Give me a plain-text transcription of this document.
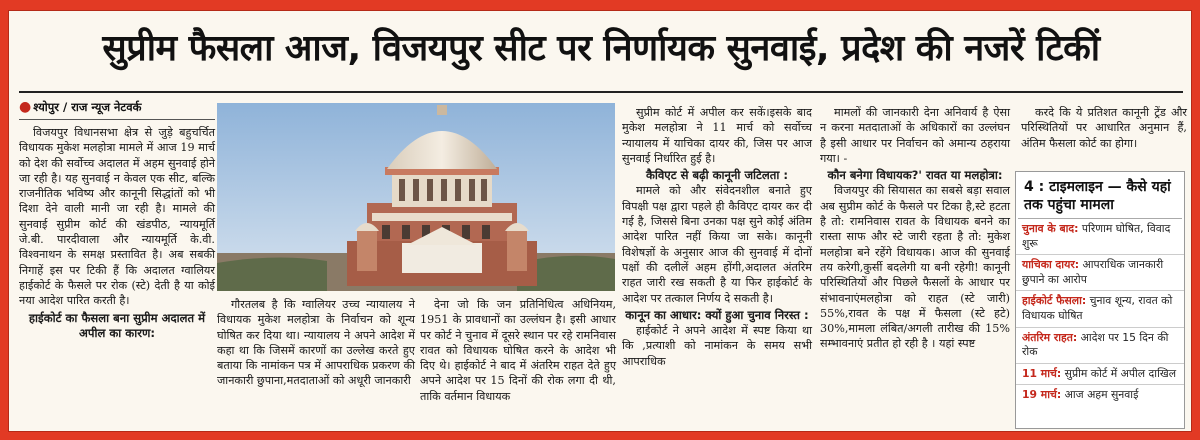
सुप्रीम फैसला आज, विजयपुर सीट पर निर्णायक सुनवाई, प्रदेश की नजरें टिकीं
● श्योपुर / राज न्यूज नेटवर्क

विजयपुर विधानसभा क्षेत्र से जुड़े बहुचर्चित विधायक मुकेश मलहोत्रा मामले में आज 19 मार्च को देश की सर्वोच्च अदालत में अहम सुनवाई होने जा रही है। यह सुनवाई न केवल एक सीट, बल्कि राजनीतिक भविष्य और कानूनी सिद्धांतों को भी दिशा देने वाली मानी जा रही है। मामले की सुनवाई सुप्रीम कोर्ट की खंडपीठ, न्यायमूर्ति जे.बी. पारदीवाला और न्यायमूर्ति के.वी. विश्वनाथन के समक्ष प्रस्तावित है। अब सबकी निगाहें इस पर टिकी हैं कि अदालत ग्वालियर हाईकोर्ट के फैसले पर रोक (स्टे) देती है या कोई नया आदेश पारित करती है।

हाईकोर्ट का फैसला बना सुप्रीम अदालत में अपील का कारण:

गौरतलब है कि ग्वालियर उच्च न्यायालय ने विधायक मुकेश मलहोत्रा के निर्वाचन को शून्य घोषित कर दिया था। न्यायालय ने अपने आदेश में कहा था कि जिसमें कारणों का उल्लेख करते हुए बताया कि नामांकन पत्र में आपराधिक प्रकरण की जानकारी छुपाना,मतदाताओं को अधूरी जानकारी

देना जो कि जन प्रतिनिधित्व अधिनियम, 1951 के प्रावधानों का उल्लंघन है। इसी आधार पर कोर्ट ने चुनाव में दूसरे स्थान पर रहे रामनिवास रावत को विधायक घोषित करने के आदेश भी दिए थे। हाईकोर्ट ने बाद में अंतरिम राहत देते हुए अपने आदेश पर 15 दिनों की रोक लगा दी थी, ताकि वर्तमान विधायक

सुप्रीम कोर्ट में अपील कर सकें।इसके बाद मुकेश मलहोत्रा ने 11 मार्च को सर्वोच्च न्यायालय में याचिका दायर की, जिस पर आज सुनवाई निर्धारित हुई है।

कैविएट से बढ़ी कानूनी जटिलता :

मामले को और संवेदनशील बनाते हुए विपक्षी पक्ष द्वारा पहले ही कैविएट दायर कर दी गई है, जिससे बिना उनका पक्ष सुने कोई अंतिम आदेश पारित नहीं किया जा सके। कानूनी विशेषज्ञों के अनुसार आज की सुनवाई में दोनों पक्षों की दलीलें अहम होंगी,अदालत अंतरिम राहत जारी रख सकती है या फिर हाईकोर्ट के आदेश पर तत्काल निर्णय दे सकती है।

कानून का आधार: क्यों हुआ चुनाव निरस्त :

हाईकोर्ट ने अपने आदेश में स्पष्ट किया था कि ,प्रत्याशी को नामांकन के समय सभी आपराधिक

मामलों की जानकारी देना अनिवार्य है ऐसा न करना मतदाताओं के अधिकारों का उल्लंघन है इसी आधार पर निर्वाचन को अमान्य ठहराया गया। -

कौन बनेगा विधायक?' रावत या मलहोत्रा:

विजयपुर की सियासत का सबसे बड़ा सवाल अब सुप्रीम कोर्ट के फैसले पर टिका है,स्टे हटता है तो: रामनिवास रावत के विधायक बनने का रास्ता साफ और स्टे जारी रहता है तो: मुकेश मलहोत्रा बने रहेंगे विधायक। आज की सुनवाई तय करेगी,कुर्सी बदलेगी या बनी रहेगी! कानूनी परिस्थितियों और पिछले फैसलों के आधार पर संभावनाएंमलहोत्रा को राहत (स्टे जारी) 55%,रावत के पक्ष में फैसला (स्टे हटे) 30%,मामला लंबित/अगली तारीख की 15% सम्भावनाएं प्रतीत हो रही है । यहां स्पष्ट

करदे कि ये प्रतिशत कानूनी ट्रेंड और परिस्थितियों पर आधारित अनुमान हैं, अंतिम फैसला कोर्ट का होगा।

4 : टाइमलाइन — कैसे यहां तक पहुंचा मामला
चुनाव के बाद: परिणाम घोषित, विवाद शुरू
याचिका दायर: आपराधिक जानकारी छुपाने का आरोप
हाईकोर्ट फैसला: चुनाव शून्य, रावत को विधायक घोषित
अंतरिम राहत: आदेश पर 15 दिन की रोक
11 मार्च: सुप्रीम कोर्ट में अपील दाखिल
19 मार्च: आज अहम सुनवाई
